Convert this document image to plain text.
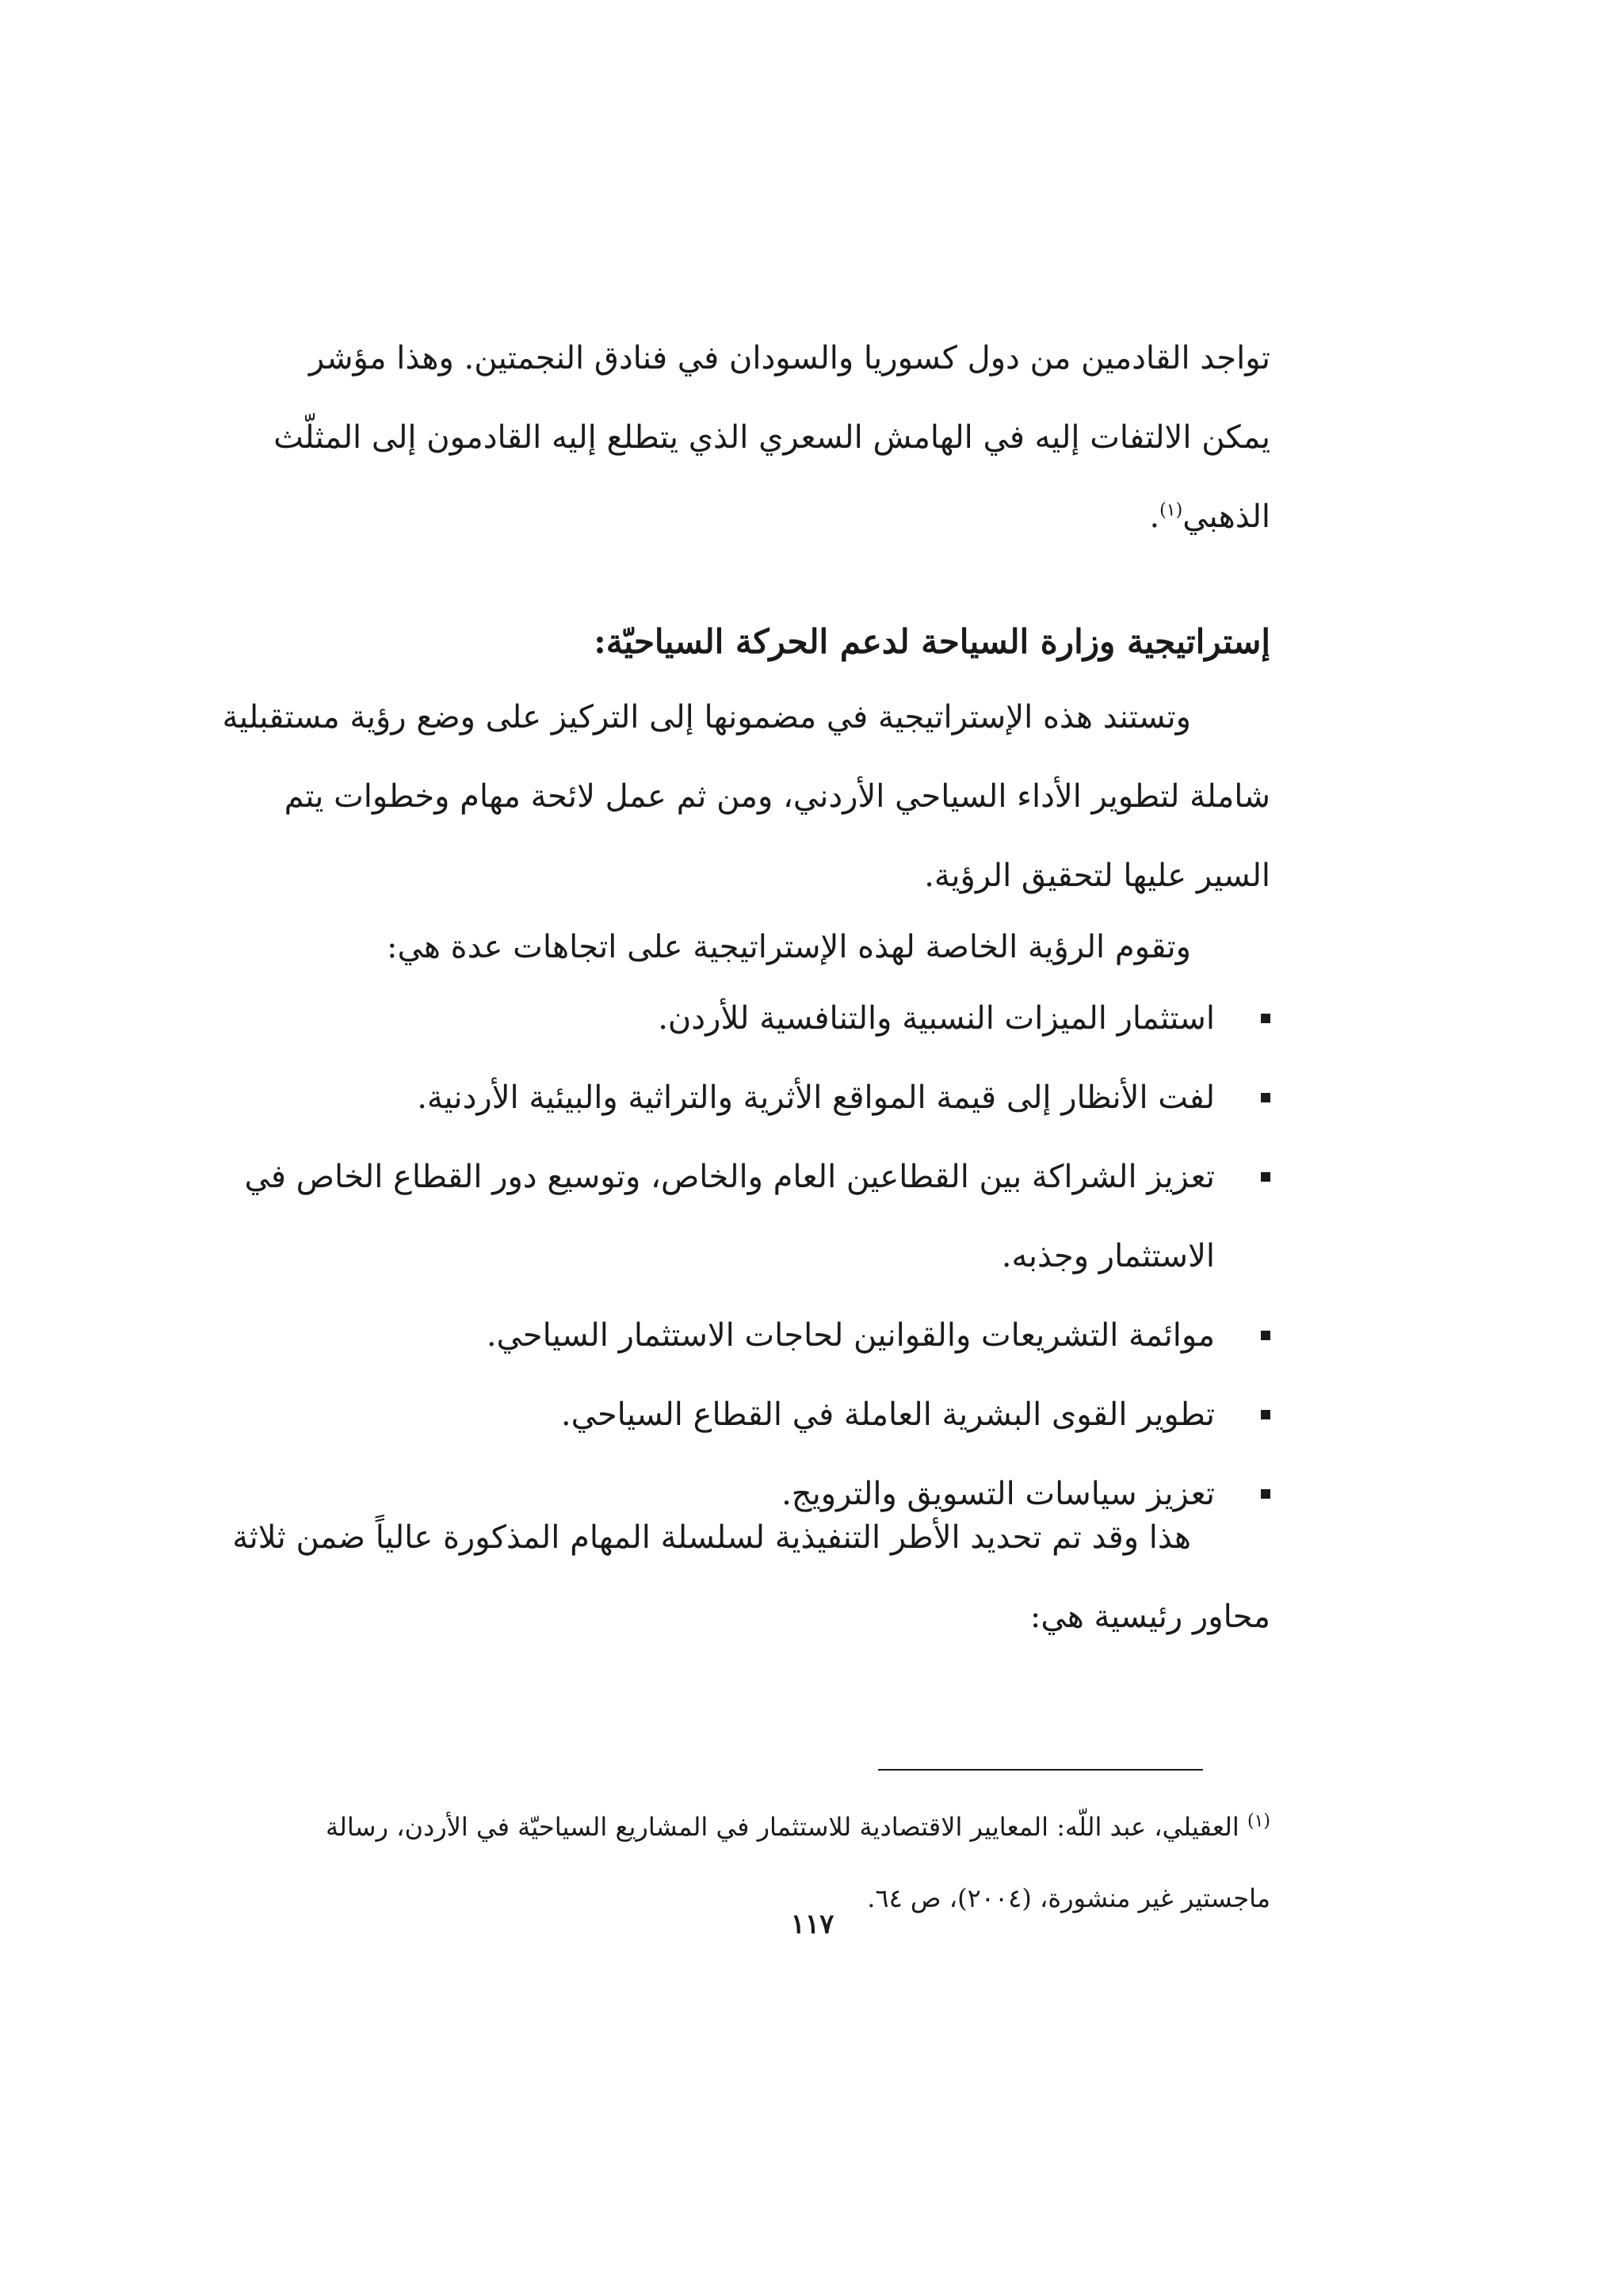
تواجد القادمين من دول كسوريا والسودان في فنادق النجمتين. وهذا مؤشر
يمكن الالتفات إليه في الهامش السعري الذي يتطلع إليه القادمون إلى المثلّث
الذهبي$^{(١)}$.
إستراتيجية وزارة السياحة لدعم الحركة السياحيّة:
وتستند هذه الإستراتيجية في مضمونها إلى التركيز على وضع رؤية مستقبلية
شاملة لتطوير الأداء السياحي الأردني، ومن ثم عمل لائحة مهام وخطوات يتم
السير عليها لتحقيق الرؤية.
وتقوم الرؤية الخاصة لهذه الإستراتيجية على اتجاهات عدة هي:
استثمار الميزات النسبية والتنافسية للأردن.
لفت الأنظار إلى قيمة المواقع الأثرية والتراثية والبيئية الأردنية.
تعزيز الشراكة بين القطاعين العام والخاص، وتوسيع دور القطاع الخاص في
الاستثمار وجذبه.
موائمة التشريعات والقوانين لحاجات الاستثمار السياحي.
تطوير القوى البشرية العاملة في القطاع السياحي.
تعزيز سياسات التسويق والترويج.
هذا وقد تم تحديد الأطر التنفيذية لسلسلة المهام المذكورة عالياً ضمن ثلاثة
محاور رئيسية هي:
$^{(١)}$ العقيلي، عبد اللّه: المعايير الاقتصادية للاستثمار في المشاريع السياحيّة في الأردن، رسالة
ماجستير غير منشورة، (٢٠٠٤)، ص ٦٤.
١١٧
